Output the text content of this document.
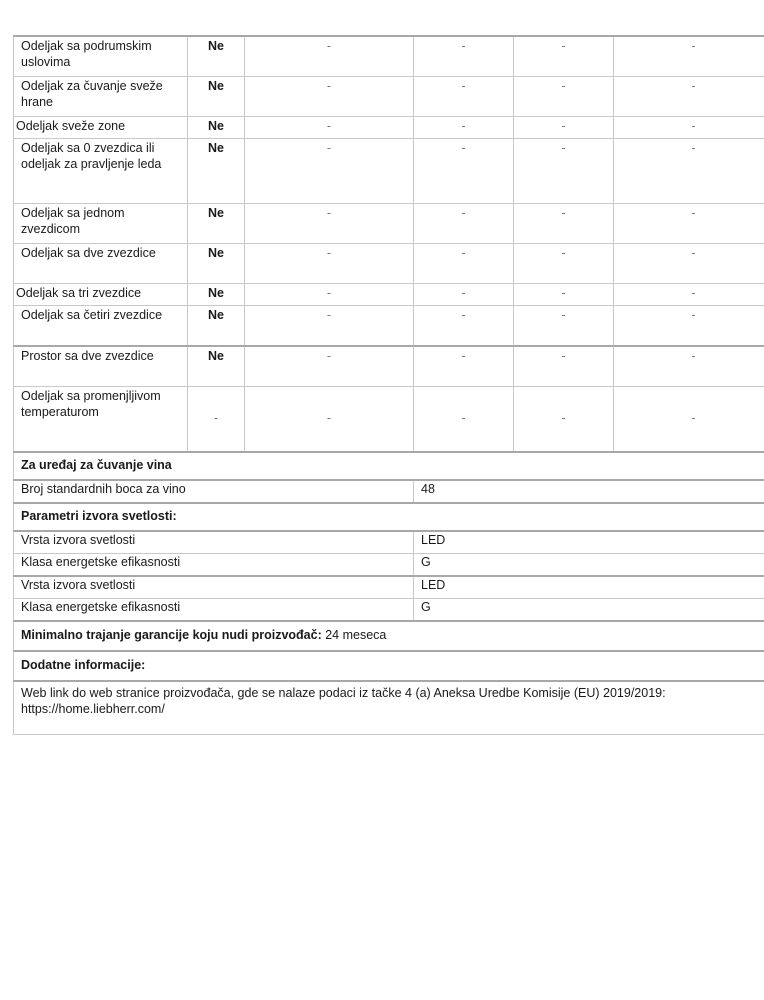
Odeljak sa podrumskim uslovima	Ne	-	-	-	-
Odeljak za čuvanje sveže hrane	Ne	-	-	-	-
Odeljak sveže zone	Ne	-	-	-	-
Odeljak sa 0 zvezdica ili odeljak za pravljenje leda	Ne	-	-	-	-
Odeljak sa jednom zvezdicom	Ne	-	-	-	-
Odeljak sa dve zvezdice	Ne	-	-	-	-
Odeljak sa tri zvezdice	Ne	-	-	-	-
Odeljak sa četiri zvezdice	Ne	-	-	-	-
Prostor sa dve zvezdice	Ne	-	-	-	-
Odeljak sa promenjljivom temperaturom	-	-	-	-	-
Za uređaj za čuvanje vina					
Broj standardnih boca za vino			48		
Parametri izvora svetlosti:					
Vrsta izvora svetlosti			LED		
Klasa energetske efikasnosti			G		
Vrsta izvora svetlosti			LED		
Klasa energetske efikasnosti			G		
Minimalno trajanje garancije koju nudi proizvođač: 24 meseca					
Dodatne informacije:					
Web link do web stranice proizvođača, gde se nalaze podaci iz tačke 4 (a) Aneksa Uredbe Komisije (EU) 2019/2019: https://home.liebherr.com/					
